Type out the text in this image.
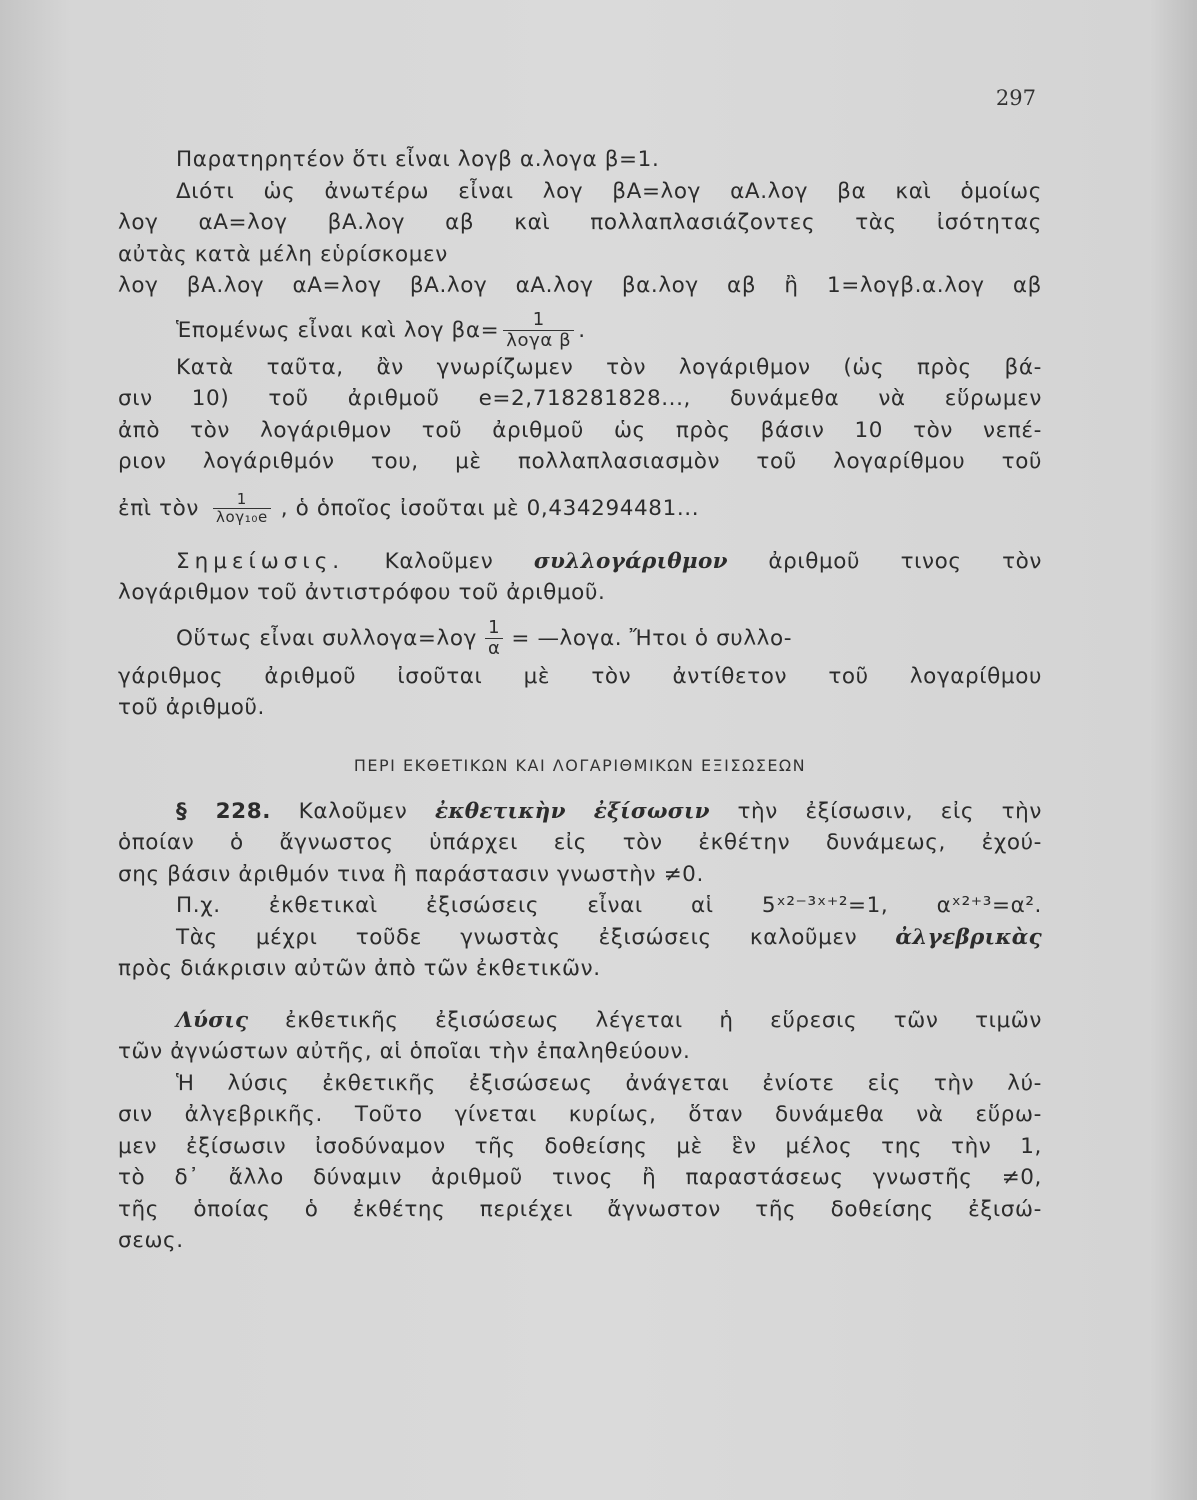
297
Παρατηρητέον ὅτι εἶναι λογβ α.λογα β=1.
Διότι ὡς ἀνωτέρω εἶναι λογ βΑ=λογ αΑ.λογ βα καὶ ὁμοίως
λογ αΑ=λογ βΑ.λογ αβ καὶ πολλαπλασιάζοντες τὰς ἰσότητας
αὐτὰς κατὰ μέλη εὑρίσκομεν
λογ βΑ.λογ αΑ=λογ βΑ.λογ αΑ.λογ βα.λογ αβ ἢ 1=λογβ.α.λογ αβ
Ἑπομένως εἶναι καὶ λογ $\beta\alpha= \frac{1}{\text{λογα β}}$ .
Κατὰ ταῦτα, ἂν γνωρίζωμεν τὸν λογάριθμον (ὡς πρὸς βά-
σιν 10) τοῦ ἀριθμοῦ e=2,718281828..., δυνάμεθα νὰ εὕρωμεν
ἀπὸ τὸν λογάριθμον τοῦ ἀριθμοῦ ὡς πρὸς βάσιν 10 τὸν νεπέ-
ριον λογάριθμόν του, μὲ πολλαπλασιασμὸν τοῦ λογαρίθμου τοῦ
ἐπὶ τὸν $\frac{1}{\text{λογ₁₀e}}$ , ὁ ὁποῖος ἰσοῦται μὲ 0,434294481...
Σημείωσις. Καλοῦμεν συλλογάριθμον ἀριθμοῦ τινος τὸν
λογάριθμον τοῦ ἀντιστρόφου τοῦ ἀριθμοῦ.
Οὕτως εἶναι $\sigma\upsilon\lambda\lambda o\gamma\alpha=\lambda o\gamma \frac{1}{\alpha}$ = —λογα. Ἤτοι ὁ συλλο-
γάριθμος ἀριθμοῦ ἰσοῦται μὲ τὸν ἀντίθετον τοῦ λογαρίθμου
τοῦ ἀριθμοῦ.
ΠΕΡΙ ΕΚΘΕΤΙΚΩΝ ΚΑΙ ΛΟΓΑΡΙΘΜΙΚΩΝ ΕΞΙΣΩΣΕΩΝ
§ 228. Καλοῦμεν ἐκθετικὴν ἐξίσωσιν τὴν ἐξίσωσιν, εἰς τὴν
ὁποίαν ὁ ἄγνωστος ὑπάρχει εἰς τὸν ἐκθέτην δυνάμεως, ἐχού-
σης βάσιν ἀριθμόν τινα ἢ παράστασιν γνωστὴν ≠0.
Π.χ. ἐκθετικαὶ ἐξισώσεις εἶναι αἱ 5ˣ²⁻³ˣ⁺²=1, αˣ²⁺³=α².
Τὰς μέχρι τοῦδε γνωστὰς ἐξισώσεις καλοῦμεν ἀλγεβρικὰς
πρὸς διάκρισιν αὐτῶν ἀπὸ τῶν ἐκθετικῶν.
Λύσις ἐκθετικῆς ἐξισώσεως λέγεται ἡ εὕρεσις τῶν τιμῶν
τῶν ἀγνώστων αὐτῆς, αἱ ὁποῖαι τὴν ἐπαληθεύουν.
Ἡ λύσις ἐκθετικῆς ἐξισώσεως ἀνάγεται ἐνίοτε εἰς τὴν λύ-
σιν ἀλγεβρικῆς. Τοῦτο γίνεται κυρίως, ὅταν δυνάμεθα νὰ εὕρω-
μεν ἐξίσωσιν ἰσοδύναμον τῆς δοθείσης μὲ ἓν μέλος της τὴν 1,
τὸ δ᾿ ἄλλο δύναμιν ἀριθμοῦ τινος ἢ παραστάσεως γνωστῆς ≠0,
τῆς ὁποίας ὁ ἐκθέτης περιέχει ἄγνωστον τῆς δοθείσης ἐξισώ-
σεως.
